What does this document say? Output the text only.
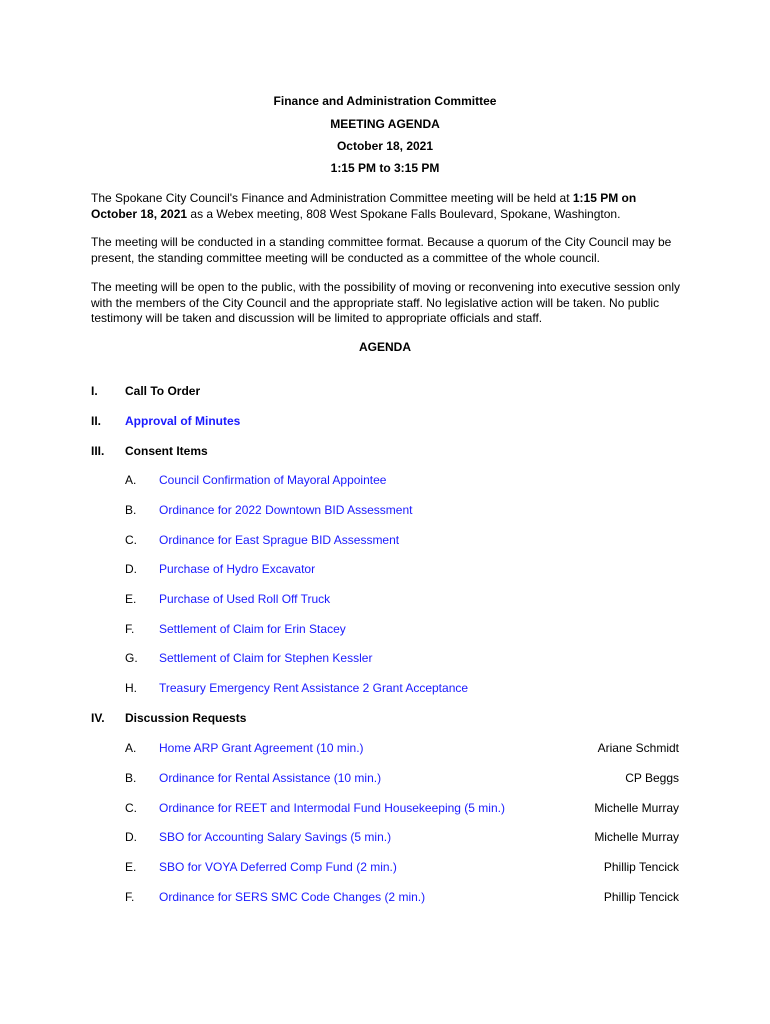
Finance and Administration Committee
MEETING AGENDA
October 18, 2021
1:15 PM to 3:15 PM
The Spokane City Council's Finance and Administration Committee meeting will be held at 1:15 PM on October 18, 2021 as a Webex meeting, 808 West Spokane Falls Boulevard, Spokane, Washington.
The meeting will be conducted in a standing committee format. Because a quorum of the City Council may be present, the standing committee meeting will be conducted as a committee of the whole council.
The meeting will be open to the public, with the possibility of moving or reconvening into executive session only with the members of the City Council and the appropriate staff. No legislative action will be taken. No public testimony will be taken and discussion will be limited to appropriate officials and staff.
AGENDA
I. Call To Order
II. Approval of Minutes
III. Consent Items
A. Council Confirmation of Mayoral Appointee
B. Ordinance for 2022 Downtown BID Assessment
C. Ordinance for East Sprague BID Assessment
D. Purchase of Hydro Excavator
E. Purchase of Used Roll Off Truck
F. Settlement of Claim for Erin Stacey
G. Settlement of Claim for Stephen Kessler
H. Treasury Emergency Rent Assistance 2 Grant Acceptance
IV. Discussion Requests
A. Home ARP Grant Agreement (10 min.)	Ariane Schmidt
B. Ordinance for Rental Assistance (10 min.)	CP Beggs
C. Ordinance for REET and Intermodal Fund Housekeeping (5 min.)	Michelle Murray
D. SBO for Accounting Salary Savings (5 min.)	Michelle Murray
E. SBO for VOYA Deferred Comp Fund (2 min.)	Phillip Tencick
F. Ordinance for SERS SMC Code Changes (2 min.)	Phillip Tencick
